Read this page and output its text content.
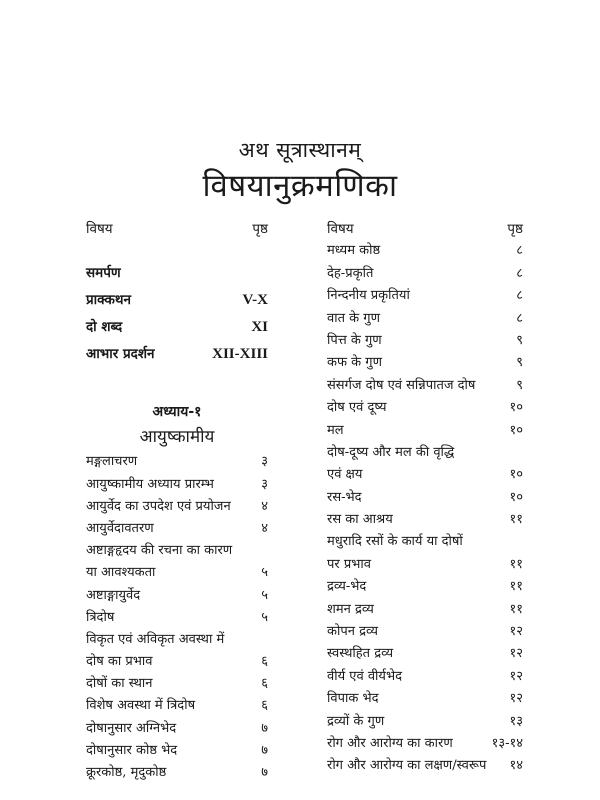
अथ सूत्रास्थानम्
विषयानुक्रमणिका
विषय	पृष्ठ
समर्पण
प्राक्कथन	V-X
दो शब्द	XI
आभार प्रदर्शन	XII-XIII
अध्याय-१
आयुष्कामीय
मङ्गलाचरण	३
आयुष्कामीय अध्याय प्रारम्भ	३
आयुर्वेद का उपदेश एवं प्रयोजन ४
आयुर्वेदावतरण	४
अष्टाङ्गहृदय की रचना का कारण
या आवश्यकता	५
अष्टाङ्गायुर्वेद	५
त्रिदोष	५
विकृत एवं अविकृत अवस्था में
दोष का प्रभाव	६
दोषों का स्थान	६
विशेष अवस्था में त्रिदोष	६
दोषानुसार अग्निभेद	७
दोषानुसार कोष्ठ भेद	७
क्रूरकोष्ठ, मृदुकोष्ठ	७
विषय	पृष्ठ
मध्यम कोष्ठ	८
देह-प्रकृति	८
निन्दनीय प्रकृतियां	८
वात के गुण	८
पित्त के गुण	९
कफ के गुण	९
संसर्गज दोष एवं सन्निपातज दोष	९
दोष एवं दूष्य	१०
मल	१०
दोष-दूष्य और मल की वृद्धि
एवं क्षय	१०
रस-भेद	१०
रस का आश्रय	११
मधुरादि रसों के कार्य या दोषों
पर प्रभाव	११
द्रव्य-भेद	११
शमन द्रव्य	११
कोपन द्रव्य	१२
स्वस्थहित द्रव्य	१२
वीर्य एवं वीर्यभेद	१२
विपाक भेद	१२
द्रव्यों के गुण	१३
रोग और आरोग्य का कारण	१३-१४
रोग और आरोग्य का लक्षण/स्वरूप १४
